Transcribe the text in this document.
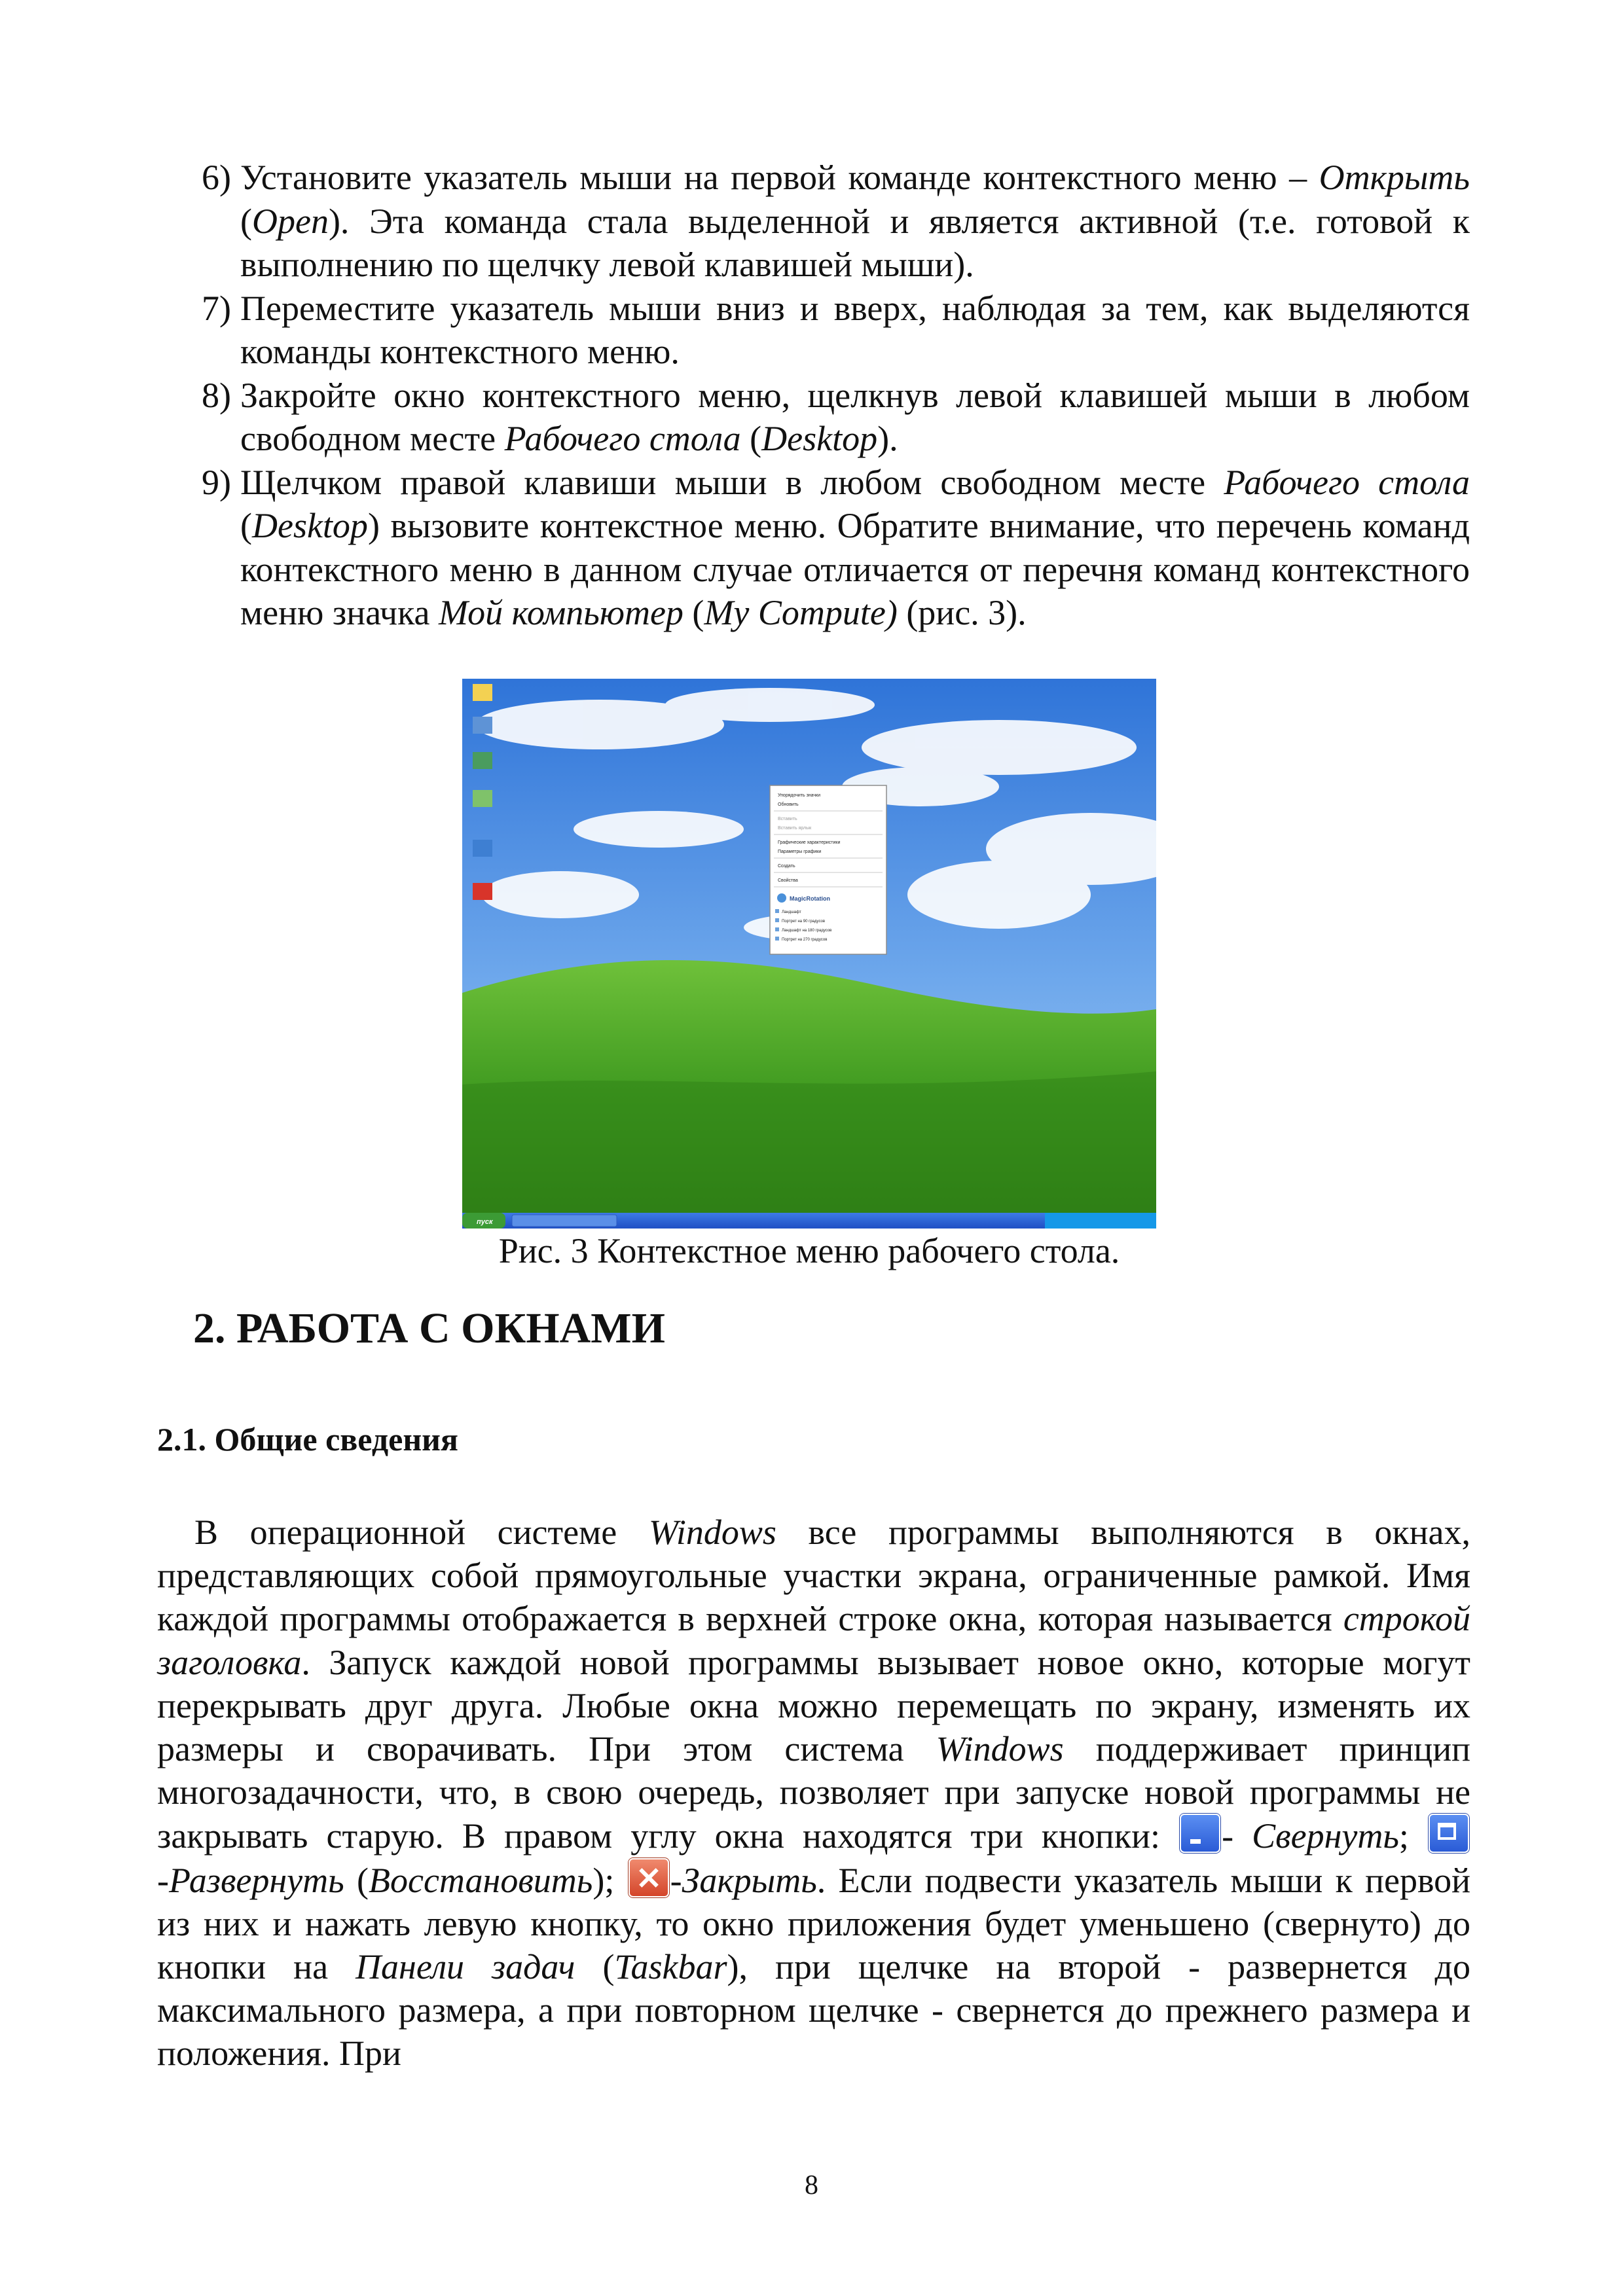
6) Установите указатель мыши на первой команде контекстного меню – Открыть (Open). Эта команда стала выделенной и является активной (т.е. готовой к выполнению по щелчку левой клавишей мыши).
7) Переместите указатель мыши вниз и вверх, наблюдая за тем, как выделяются команды контекстного меню.
8) Закройте окно контекстного меню, щелкнув левой клавишей мыши в любом свободном месте Рабочего стола (Desktop).
9) Щелчком правой клавиши мыши в любом свободном месте Рабочего стола (Desktop) вызовите контекстное меню. Обратите внимание, что перечень команд контекстного меню в данном случае отличается от перечня команд контекстного меню значка Мой компьютер (My Compute) (рис. 3).
Упорядочить значки
Обновить
Вставить
Вставить ярлык
Графические характеристики
Параметры графики
Создать
Свойства
MagicRotation
Ландшафт
Портрет на 90 градусов
Ландшафт на 180 градусов
Портрет на 270 градусов
пуск
Рис. 3 Контекстное меню рабочего стола.
2. РАБОТА С ОКНАМИ
2.1. Общие сведения

В операционной системе Windows все программы выполняются в окнах, представляющих собой прямоугольные участки экрана, ограниченные рамкой. Имя каждой программы отображается в верхней строке окна, которая называется строкой заголовка. Запуск каждой новой программы вызывает новое окно, которые могут перекрывать друг друга. Любые окна можно перемещать по экрану, изменять их размеры и сворачивать. При этом система Windows поддерживает принцип многозадачности, что, в свою очередь, позволяет при запуске новой программы не закрывать старую. В правом углу окна находятся три кнопки: - Свернуть; -Развернуть (Восстановить); -Закрыть. Если подвести указатель мыши к первой из них и нажать левую кнопку, то окно приложения будет уменьшено (свернуто) до кнопки на Панели задач (Taskbar), при щелчке на второй - развернется до максимального размера, а при повторном щелчке - свернется до прежнего размера и положения. При

8
